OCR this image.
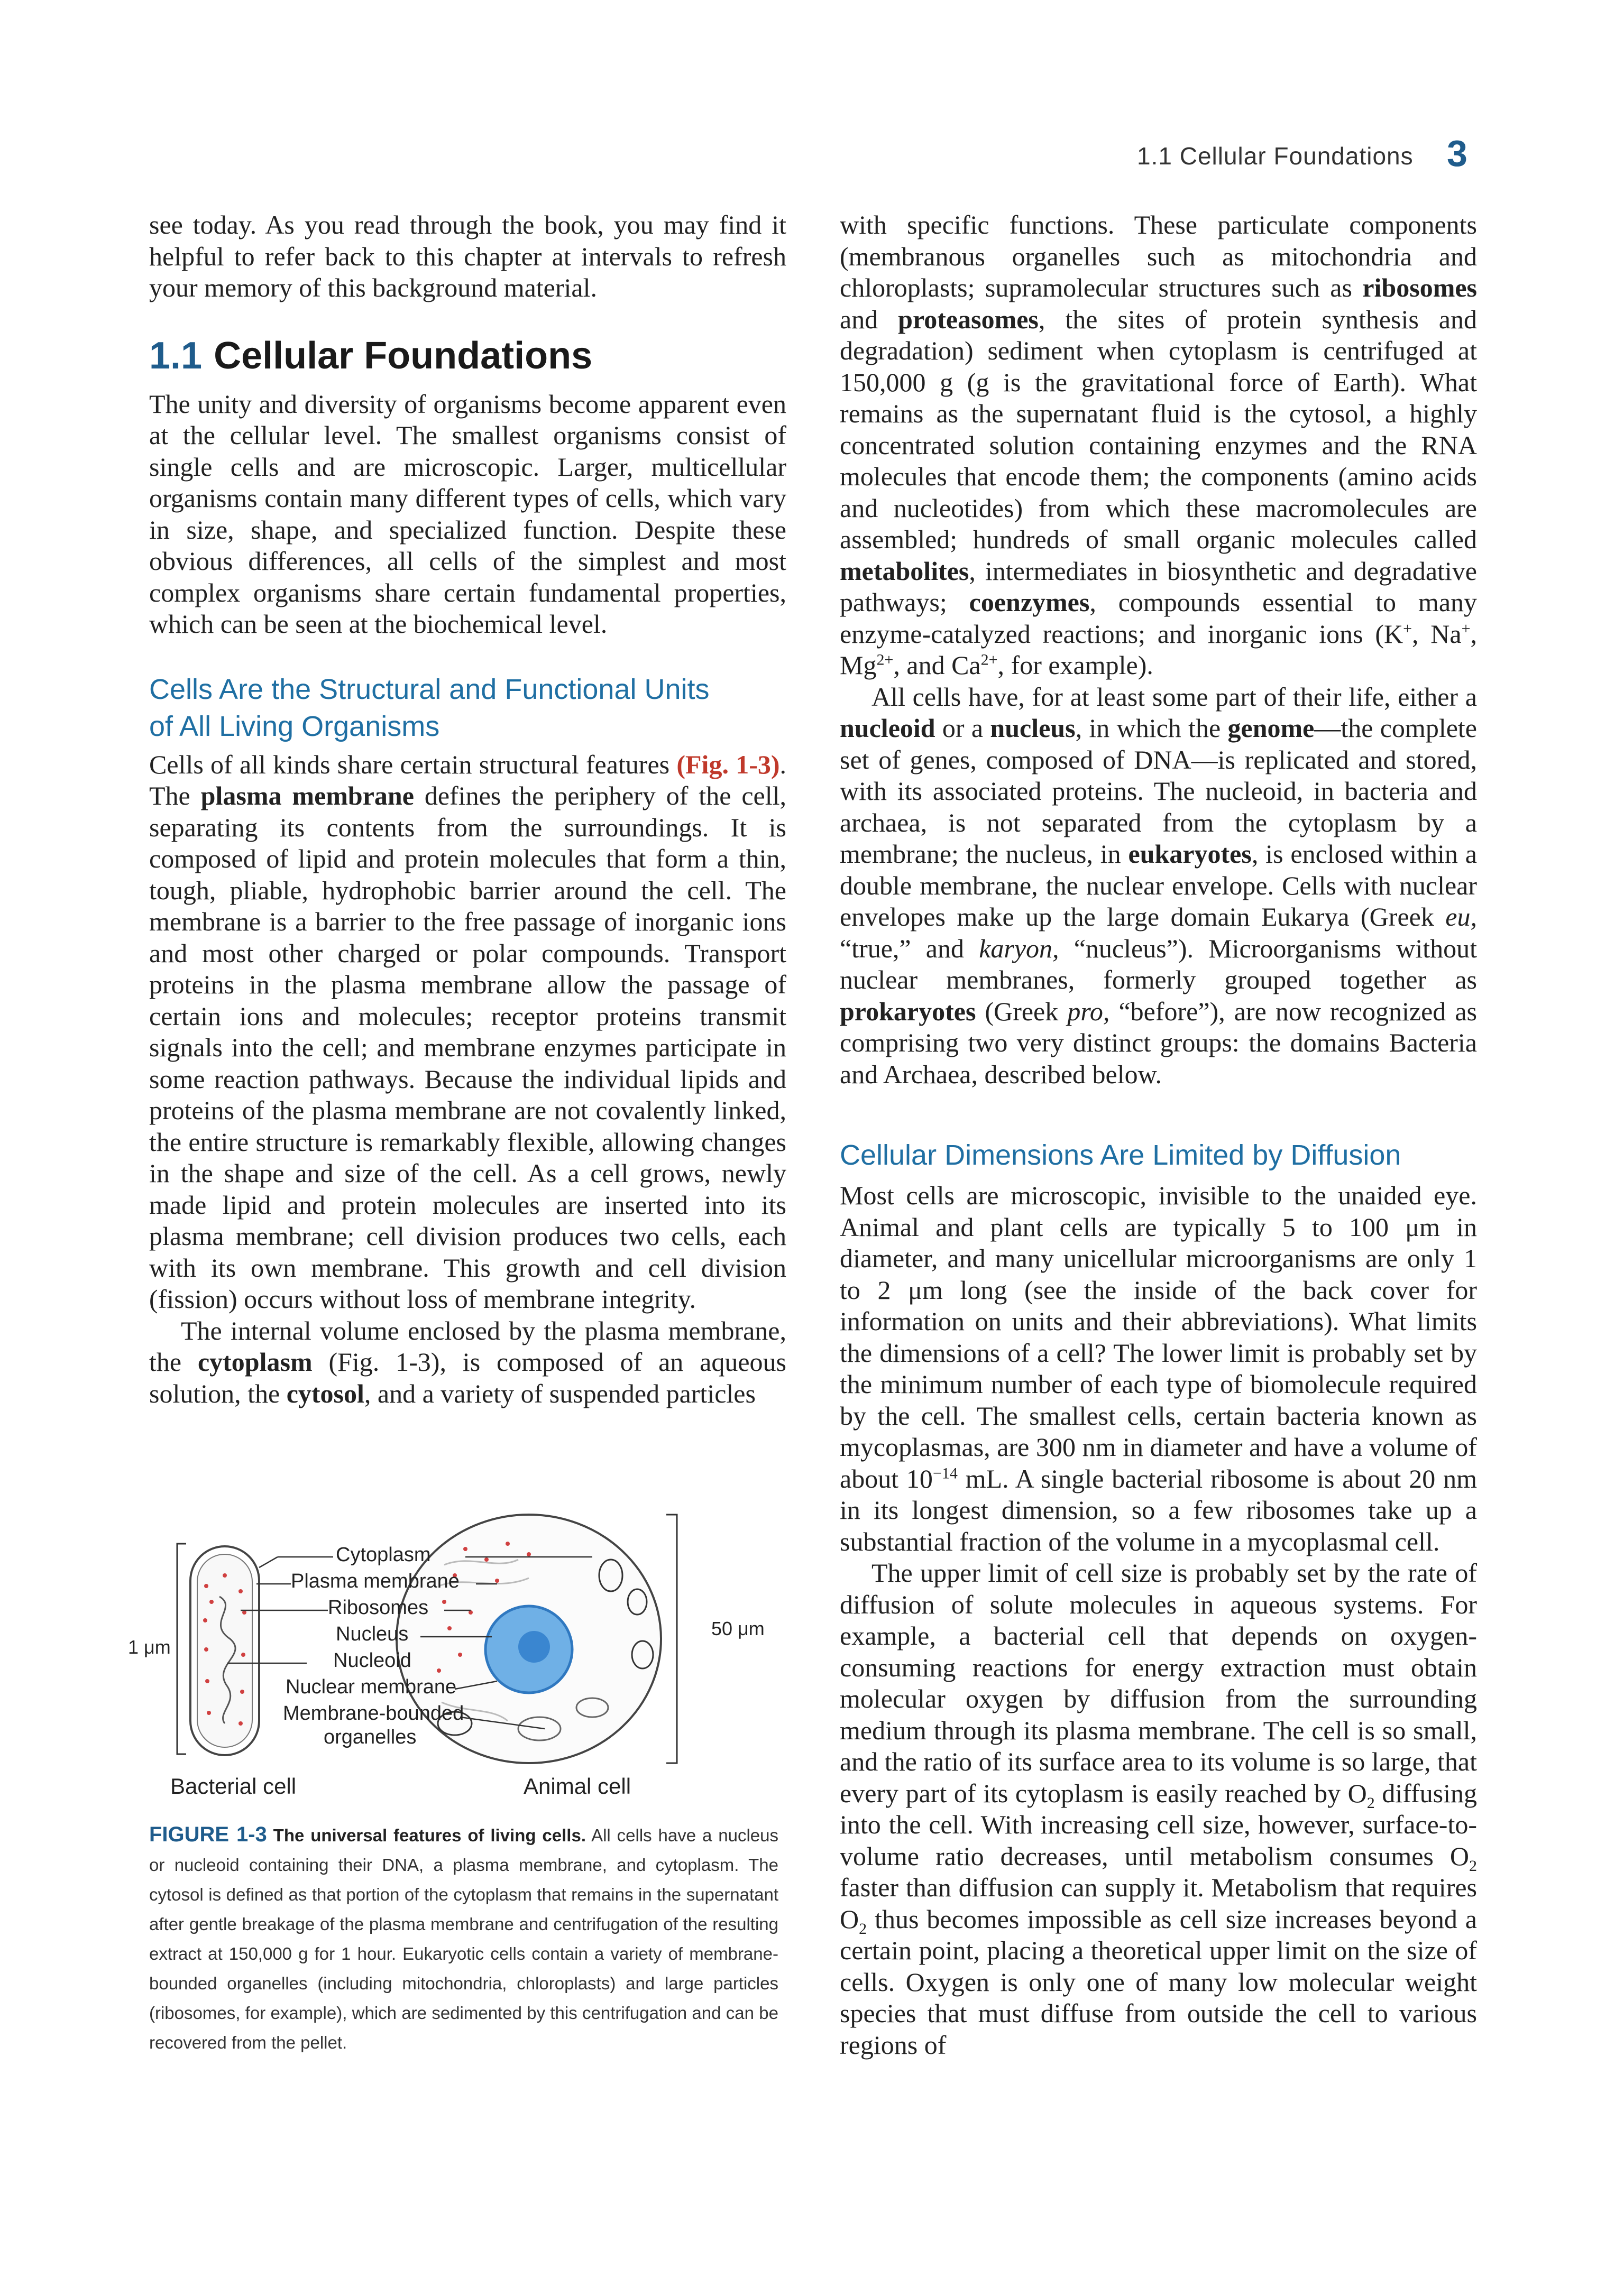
1.1 Cellular Foundations 3

see today. As you read through the book, you may find it helpful to refer back to this chapter at intervals to refresh your memory of this background material.

1.1 Cellular Foundations

The unity and diversity of organisms become apparent even at the cellular level. The smallest organisms consist of single cells and are microscopic. Larger, multicellular organisms contain many different types of cells, which vary in size, shape, and specialized function. Despite these obvious differences, all cells of the simplest and most complex organisms share certain fundamental properties, which can be seen at the biochemical level.

Cells Are the Structural and Functional Units
of All Living Organisms

Cells of all kinds share certain structural features (Fig. 1-3). The plasma membrane defines the periphery of the cell, separating its contents from the surroundings. It is composed of lipid and protein molecules that form a thin, tough, pliable, hydrophobic barrier around the cell. The membrane is a barrier to the free passage of inorganic ions and most other charged or polar compounds. Transport proteins in the plasma membrane allow the passage of certain ions and molecules; receptor proteins transmit signals into the cell; and membrane enzymes participate in some reaction pathways. Because the individual lipids and proteins of the plasma membrane are not covalently linked, the entire structure is remarkably flexible, allowing changes in the shape and size of the cell. As a cell grows, newly made lipid and protein molecules are inserted into its plasma membrane; cell division produces two cells, each with its own membrane. This growth and cell division (fission) occurs without loss of membrane integrity.

The internal volume enclosed by the plasma membrane, the cytoplasm (Fig. 1-3), is composed of an aqueous solution, the cytosol, and a variety of suspended particles

Cytoplasm
Plasma membrane
Ribosomes
Nucleus
Nucleoid
Nuclear membrane
Membrane-bounded
organelles
1 μm
50 μm
Bacterial cell	Animal cell
FIGURE 1-3 The universal features of living cells. All cells have a nucleus or nucleoid containing their DNA, a plasma membrane, and cytoplasm. The cytosol is defined as that portion of the cytoplasm that remains in the supernatant after gentle breakage of the plasma membrane and centrifugation of the resulting extract at 150,000 g for 1 hour. Eukaryotic cells contain a variety of membrane-bounded organelles (including mitochondria, chloroplasts) and large particles (ribosomes, for example), which are sedimented by this centrifugation and can be recovered from the pellet.

with specific functions. These particulate components (membranous organelles such as mitochondria and chloroplasts; supramolecular structures such as ribosomes and proteasomes, the sites of protein synthesis and degradation) sediment when cytoplasm is centrifuged at 150,000 g (g is the gravitational force of Earth). What remains as the supernatant fluid is the cytosol, a highly concentrated solution containing enzymes and the RNA molecules that encode them; the components (amino acids and nucleotides) from which these macromolecules are assembled; hundreds of small organic molecules called metabolites, intermediates in biosynthetic and degradative pathways; coenzymes, compounds essential to many enzyme-catalyzed reactions; and inorganic ions (K+, Na+, $Mg^{2+}$, and $Ca^{2+}$, for example).

All cells have, for at least some part of their life, either a nucleoid or a nucleus, in which the genome—the complete set of genes, composed of DNA—is replicated and stored, with its associated proteins. The nucleoid, in bacteria and archaea, is not separated from the cytoplasm by a membrane; the nucleus, in eukaryotes, is enclosed within a double membrane, the nuclear envelope. Cells with nuclear envelopes make up the large domain Eukarya (Greek eu, “true,” and karyon, “nucleus”). Microorganisms without nuclear membranes, formerly grouped together as prokaryotes (Greek pro, “before”), are now recognized as comprising two very distinct groups: the domains Bacteria and Archaea, described below.

Cellular Dimensions Are Limited by Diffusion

Most cells are microscopic, invisible to the unaided eye. Animal and plant cells are typically 5 to 100 μm in diameter, and many unicellular microorganisms are only 1 to 2 μm long (see the inside of the back cover for information on units and their abbreviations). What limits the dimensions of a cell? The lower limit is probably set by the minimum number of each type of biomolecule required by the cell. The smallest cells, certain bacteria known as mycoplasmas, are 300 nm in diameter and have a volume of about $10^{-14}$ mL. A single bacterial ribosome is about 20 nm in its longest dimension, so a few ribosomes take up a substantial fraction of the volume in a mycoplasmal cell.

The upper limit of cell size is probably set by the rate of diffusion of solute molecules in aqueous systems. For example, a bacterial cell that depends on oxygen-consuming reactions for energy extraction must obtain molecular oxygen by diffusion from the surrounding medium through its plasma membrane. The cell is so small, and the ratio of its surface area to its volume is so large, that every part of its cytoplasm is easily reached by $O_2$ diffusing into the cell. With increasing cell size, however, surface-to-volume ratio decreases, until metabolism consumes $O_2$ faster than diffusion can supply it. Metabolism that requires $O_2$ thus becomes impossible as cell size increases beyond a certain point, placing a theoretical upper limit on the size of cells. Oxygen is only one of many low molecular weight species that must diffuse from outside the cell to various regions of
